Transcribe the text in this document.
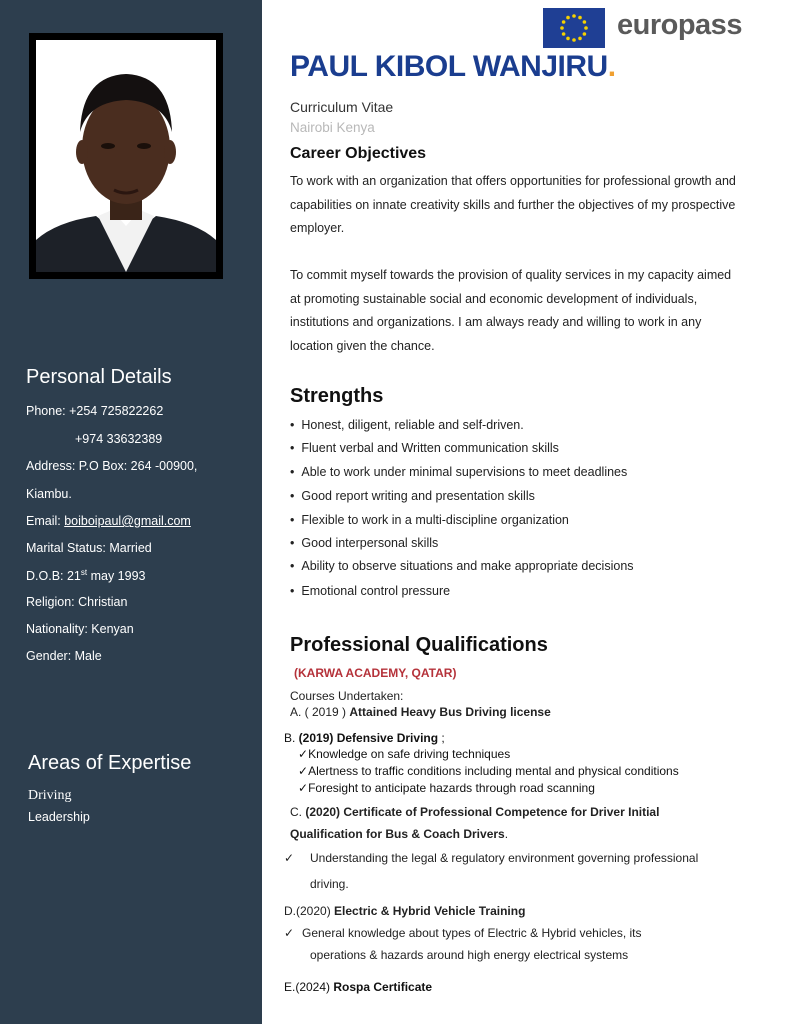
Personal Details
Phone: +254 725822262
+974 33632389
Address: P.O Box: 264 -00900,
Kiambu.
Email: boiboipaul@gmail.com
Marital Status: Married
D.O.B: 21st may 1993
Religion: Christian
Nationality: Kenyan
Gender: Male
Areas of Expertise
Driving
Leadership
europass
PAUL KIBOL WANJIRU.
Curriculum Vitae
Nairobi Kenya
Career Objectives
To work with an organization that offers opportunities for professional growth and capabilities on innate creativity skills and further the objectives of my prospective employer.
To commit myself towards the provision of quality services in my capacity aimed at promoting sustainable social and economic development of individuals, institutions and organizations. I am always ready and willing to work in any location given the chance.
Strengths
• Honest, diligent, reliable and self-driven.
• Fluent verbal and Written communication skills
• Able to work under minimal supervisions to meet deadlines
• Good report writing and presentation skills
• Flexible to work in a multi-discipline organization
• Good interpersonal skills
• Ability to observe situations and make appropriate decisions
• Emotional control pressure
Professional Qualifications
(KARWA ACADEMY, QATAR)
Courses Undertaken:
A. ( 2019 ) Attained Heavy Bus Driving license
B. (2019) Defensive Driving ;
✓Knowledge on safe driving techniques
✓Alertness to traffic conditions including mental and physical conditions
✓Foresight to anticipate hazards through road scanning
C. (2020) Certificate of Professional Competence for Driver Initial
Qualification for Bus & Coach Drivers.
✓ Understanding the legal & regulatory environment governing professional
driving.
D.(2020) Electric & Hybrid Vehicle Training
✓ General knowledge about types of Electric & Hybrid vehicles, its
operations & hazards around high energy electrical systems
E.(2024) Rospa Certificate
